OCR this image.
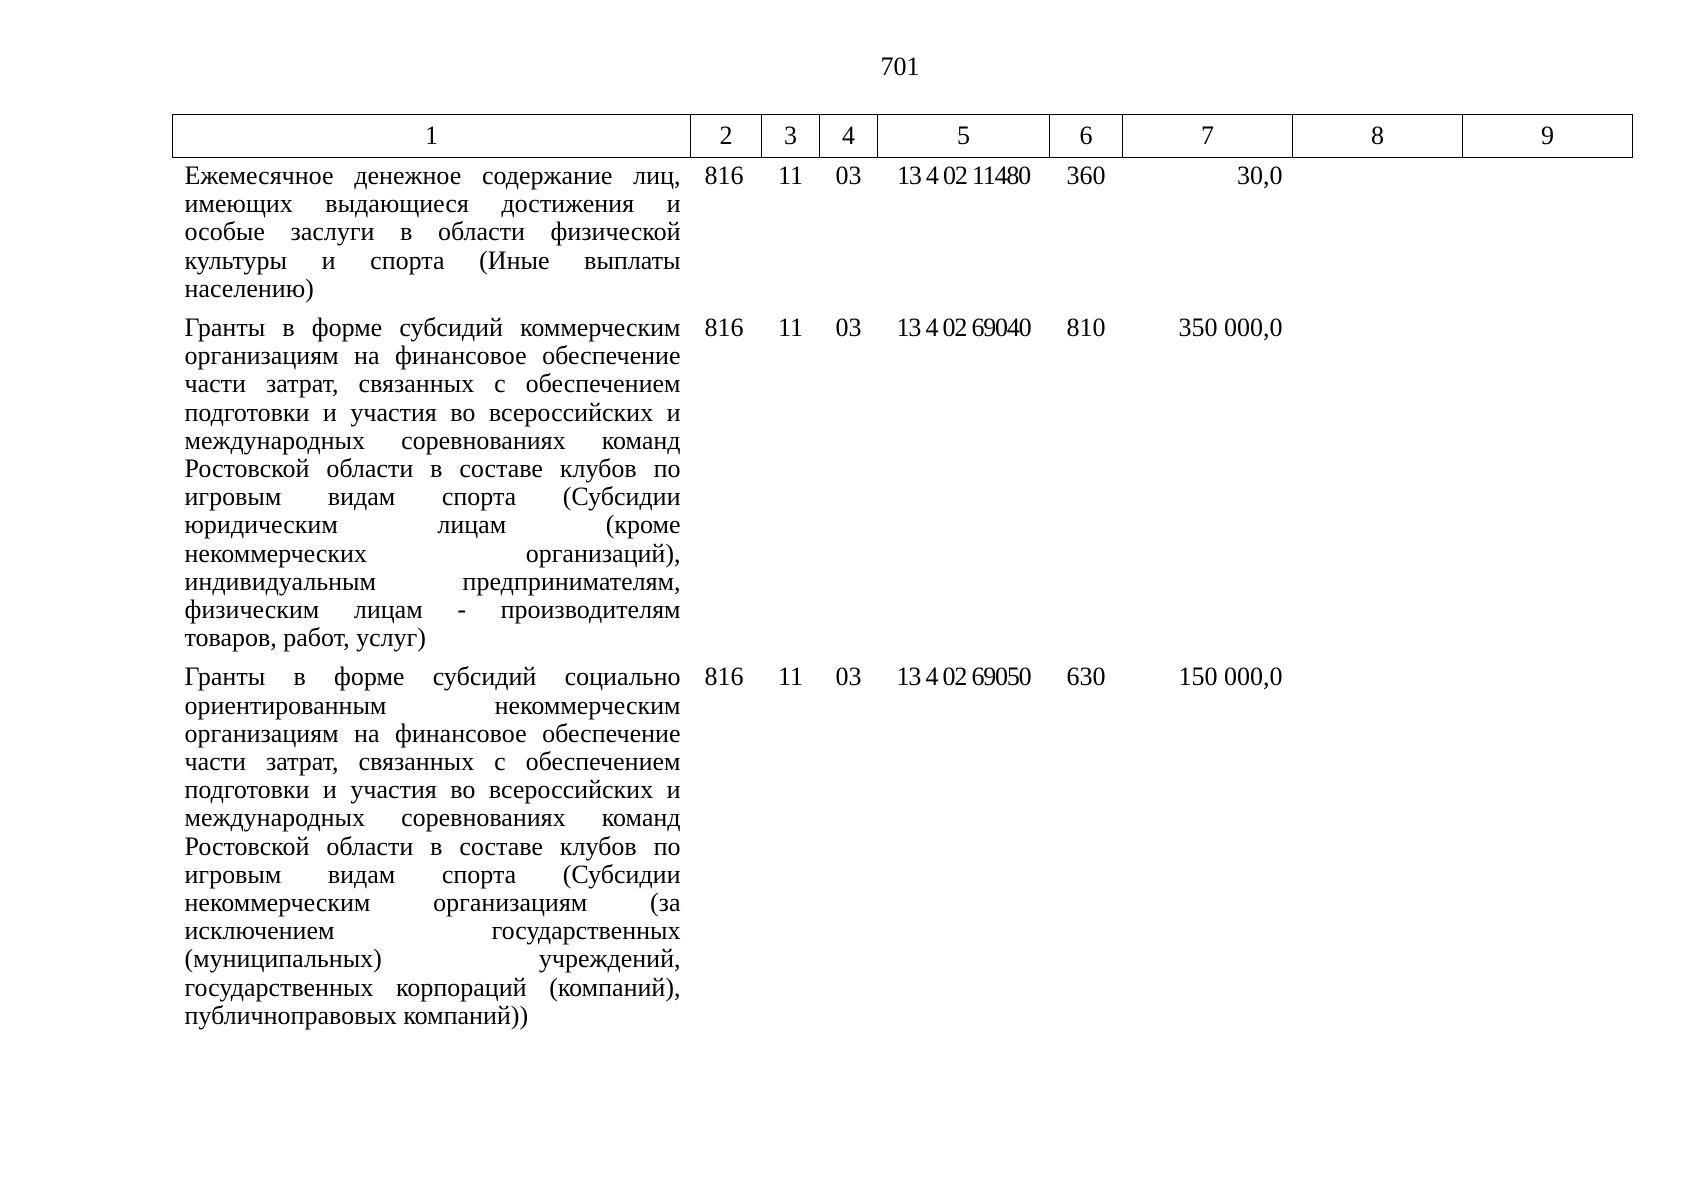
701
1	2	3	4	5	6	7	8	9
Ежемесячное денежное содержание лиц, имеющих выдающиеся достижения и особые заслуги в области физической культуры и спорта (Иные выплаты населению)	816	11	03	13 4 02 11480	360	30,0		
Гранты в форме субсидий коммерческим организациям на финансовое обеспечение части затрат, связанных с обеспечением подготовки и участия во всероссийских и международных соревнованиях команд Ростовской области в составе клубов по игровым видам спорта (Субсидии юридическим лицам (кроме некоммерческих организаций), индивидуальным предпринимателям, физическим лицам - производителям товаров, работ, услуг)	816	11	03	13 4 02 69040	810	350 000,0		
Гранты в форме субсидий социально ориентированным некоммерческим организациям на финансовое обеспечение части затрат, связанных с обеспечением подготовки и участия во всероссийских и международных соревнованиях команд Ростовской области в составе клубов по игровым видам спорта (Субсидии некоммерческим организациям (за исключением государственных (муниципальных) учреждений, государственных корпораций (компаний), публичноправовых компаний))	816	11	03	13 4 02 69050	630	150 000,0		
